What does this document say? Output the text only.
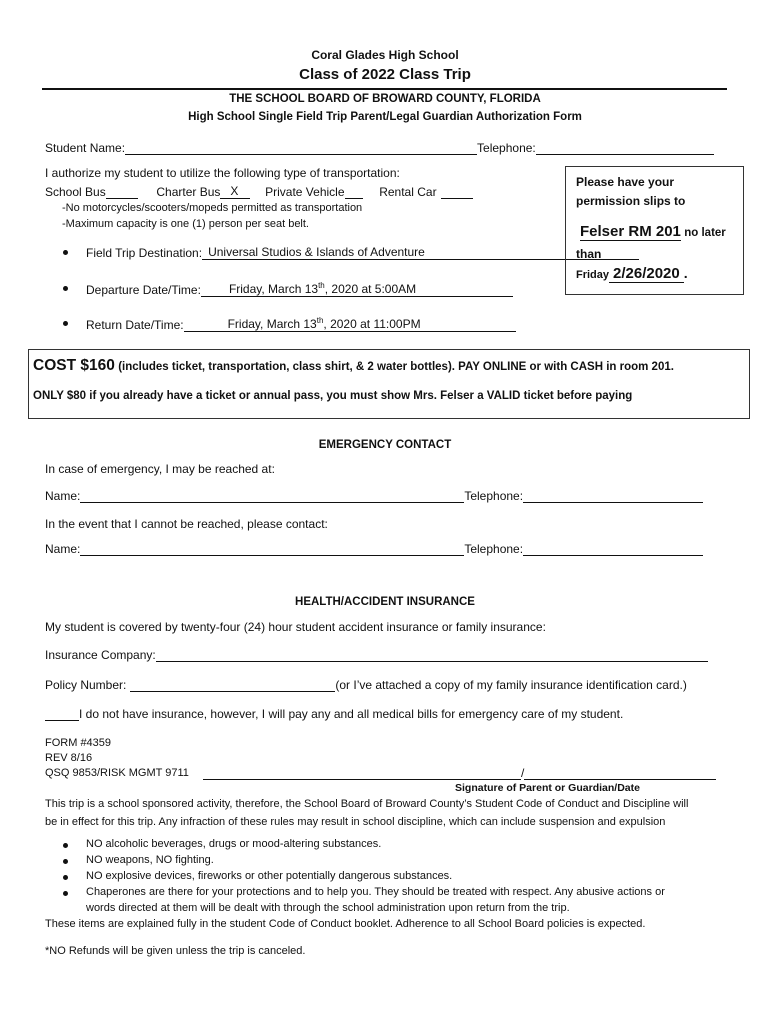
Coral Glades High School
Class of 2022 Class Trip
THE SCHOOL BOARD OF BROWARD COUNTY, FLORIDA
High School Single Field Trip Parent/Legal Guardian Authorization Form
Student Name:	Telephone:
I authorize my student to utilize the following type of transportation:
School Bus	Charter Bus X Private Vehicle	Rental Car
-No motorcycles/scooters/mopeds permitted as transportation
-Maximum capacity is one (1) person per seat belt.
Field Trip Destination: Universal Studios & Islands of Adventure
Departure Date/Time: Friday, March 13th, 2020 at 5:00AM
Return Date/Time:	Friday, March 13th, 2020 at 11:00PM
Please have your
permission slips to
Felser RM 201 no later
than
Friday 2/26/2020 .
COST $160 (includes ticket, transportation, class shirt, & 2 water bottles). PAY ONLINE or with CASH in room 201.
ONLY $80 if you already have a ticket or annual pass, you must show Mrs. Felser a VALID ticket before paying
EMERGENCY CONTACT
In case of emergency, I may be reached at:
Name:	Telephone:
In the event that I cannot be reached, please contact:
Name:	Telephone:
HEALTH/ACCIDENT INSURANCE
My student is covered by twenty-four (24) hour student accident insurance or family insurance:
Insurance Company:
Policy Number:	(or I’ve attached a copy of my family insurance identification card.)
I do not have insurance, however, I will pay any and all medical bills for emergency care of my student.
FORM #4359
REV 8/16
QSQ 9853/RISK MGMT 9711	/
Signature of Parent or Guardian/Date
This trip is a school sponsored activity, therefore, the School Board of Broward County’s Student Code of Conduct and Discipline will
be in effect for this trip. Any infraction of these rules may result in school discipline, which can include suspension and expulsion
NO alcoholic beverages, drugs or mood-altering substances.
NO weapons, NO fighting.
NO explosive devices, fireworks or other potentially dangerous substances.
Chaperones are there for your protections and to help you. They should be treated with respect. Any abusive actions or
words directed at them will be dealt with through the school administration upon return from the trip.
These items are explained fully in the student Code of Conduct booklet. Adherence to all School Board policies is expected.
*NO Refunds will be given unless the trip is canceled.
